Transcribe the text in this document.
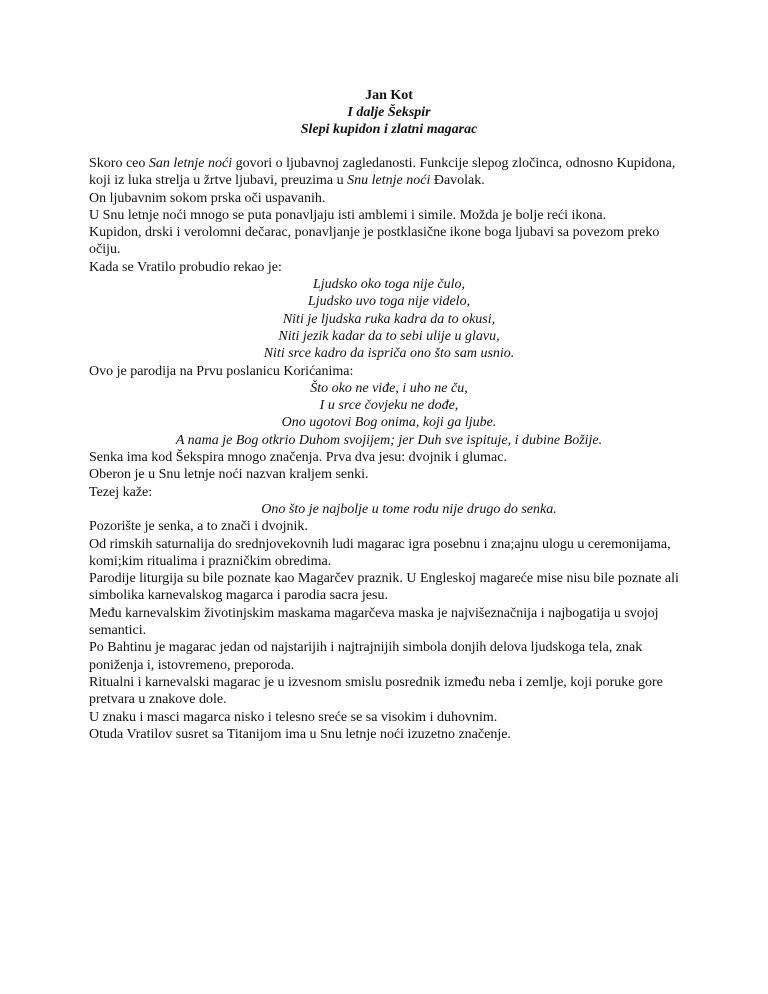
Jan Kot
I dalje Šekspir
Slepi kupidon i zlatni magarac

Skoro ceo San letnje noći govori o ljubavnoj zagledanosti. Funkcije slepog zločinca, odnosno Kupidona, koji iz luka strelja u žrtve ljubavi, preuzima u Snu letnje noći Đavolak.

On ljubavnim sokom prska oči uspavanih.

U Snu letnje noći mnogo se puta ponavljaju isti amblemi i simile. Možda je bolje reći ikona.

Kupidon, drski i verolomni dečarac, ponavljanje je postklasične ikone boga ljubavi sa povezom preko očiju.

Kada se Vratilo probudio rekao je:

Ljudsko oko toga nije čulo,

Ljudsko uvo toga nije videlo,

Niti je ljudska ruka kadra da to okusi,

Niti jezik kadar da to sebi ulije u glavu,

Niti srce kadro da ispriča ono što sam usnio.

Ovo je parodija na Prvu poslanicu Korićanima:

Što oko ne viđe, i uho ne ču,

I u srce čovjeku ne dođe,

Ono ugotovi Bog onima, koji ga ljube.

A nama je Bog otkrio Duhom svojijem; jer Duh sve ispituje, i dubine Božije.

Senka ima kod Šekspira mnogo značenja. Prva dva jesu: dvojnik i glumac.

Oberon je u Snu letnje noći nazvan kraljem senki.

Tezej kaže:

Ono što je najbolje u tome rodu nije drugo do senka.

Pozorište je senka, a to znači i dvojnik.

Od rimskih saturnalija do srednjovekovnih ludi magarac igra posebnu i zna;ajnu ulogu u ceremonijama, komi;kim ritualima i prazničkim obredima.

Parodije liturgija su bile poznate kao Magarčev praznik. U Engleskoj magareće mise nisu bile poznate ali simbolika karnevalskog magarca i parodia sacra jesu.

Među karnevalskim životinjskim maskama magarčeva maska je najvišeznačnija i najbogatija u svojoj semantici.

Po Bahtinu je magarac jedan od najstarijih i najtrajnijih simbola donjih delova ljudskoga tela, znak poniženja i, istovremeno, preporoda.

Ritualni i karnevalski magarac je u izvesnom smislu posrednik između neba i zemlje, koji poruke gore pretvara u znakove dole.

U znaku i masci magarca nisko i telesno sreće se sa visokim i duhovnim.

Otuda Vratilov susret sa Titanijom ima u Snu letnje noći izuzetno značenje.
